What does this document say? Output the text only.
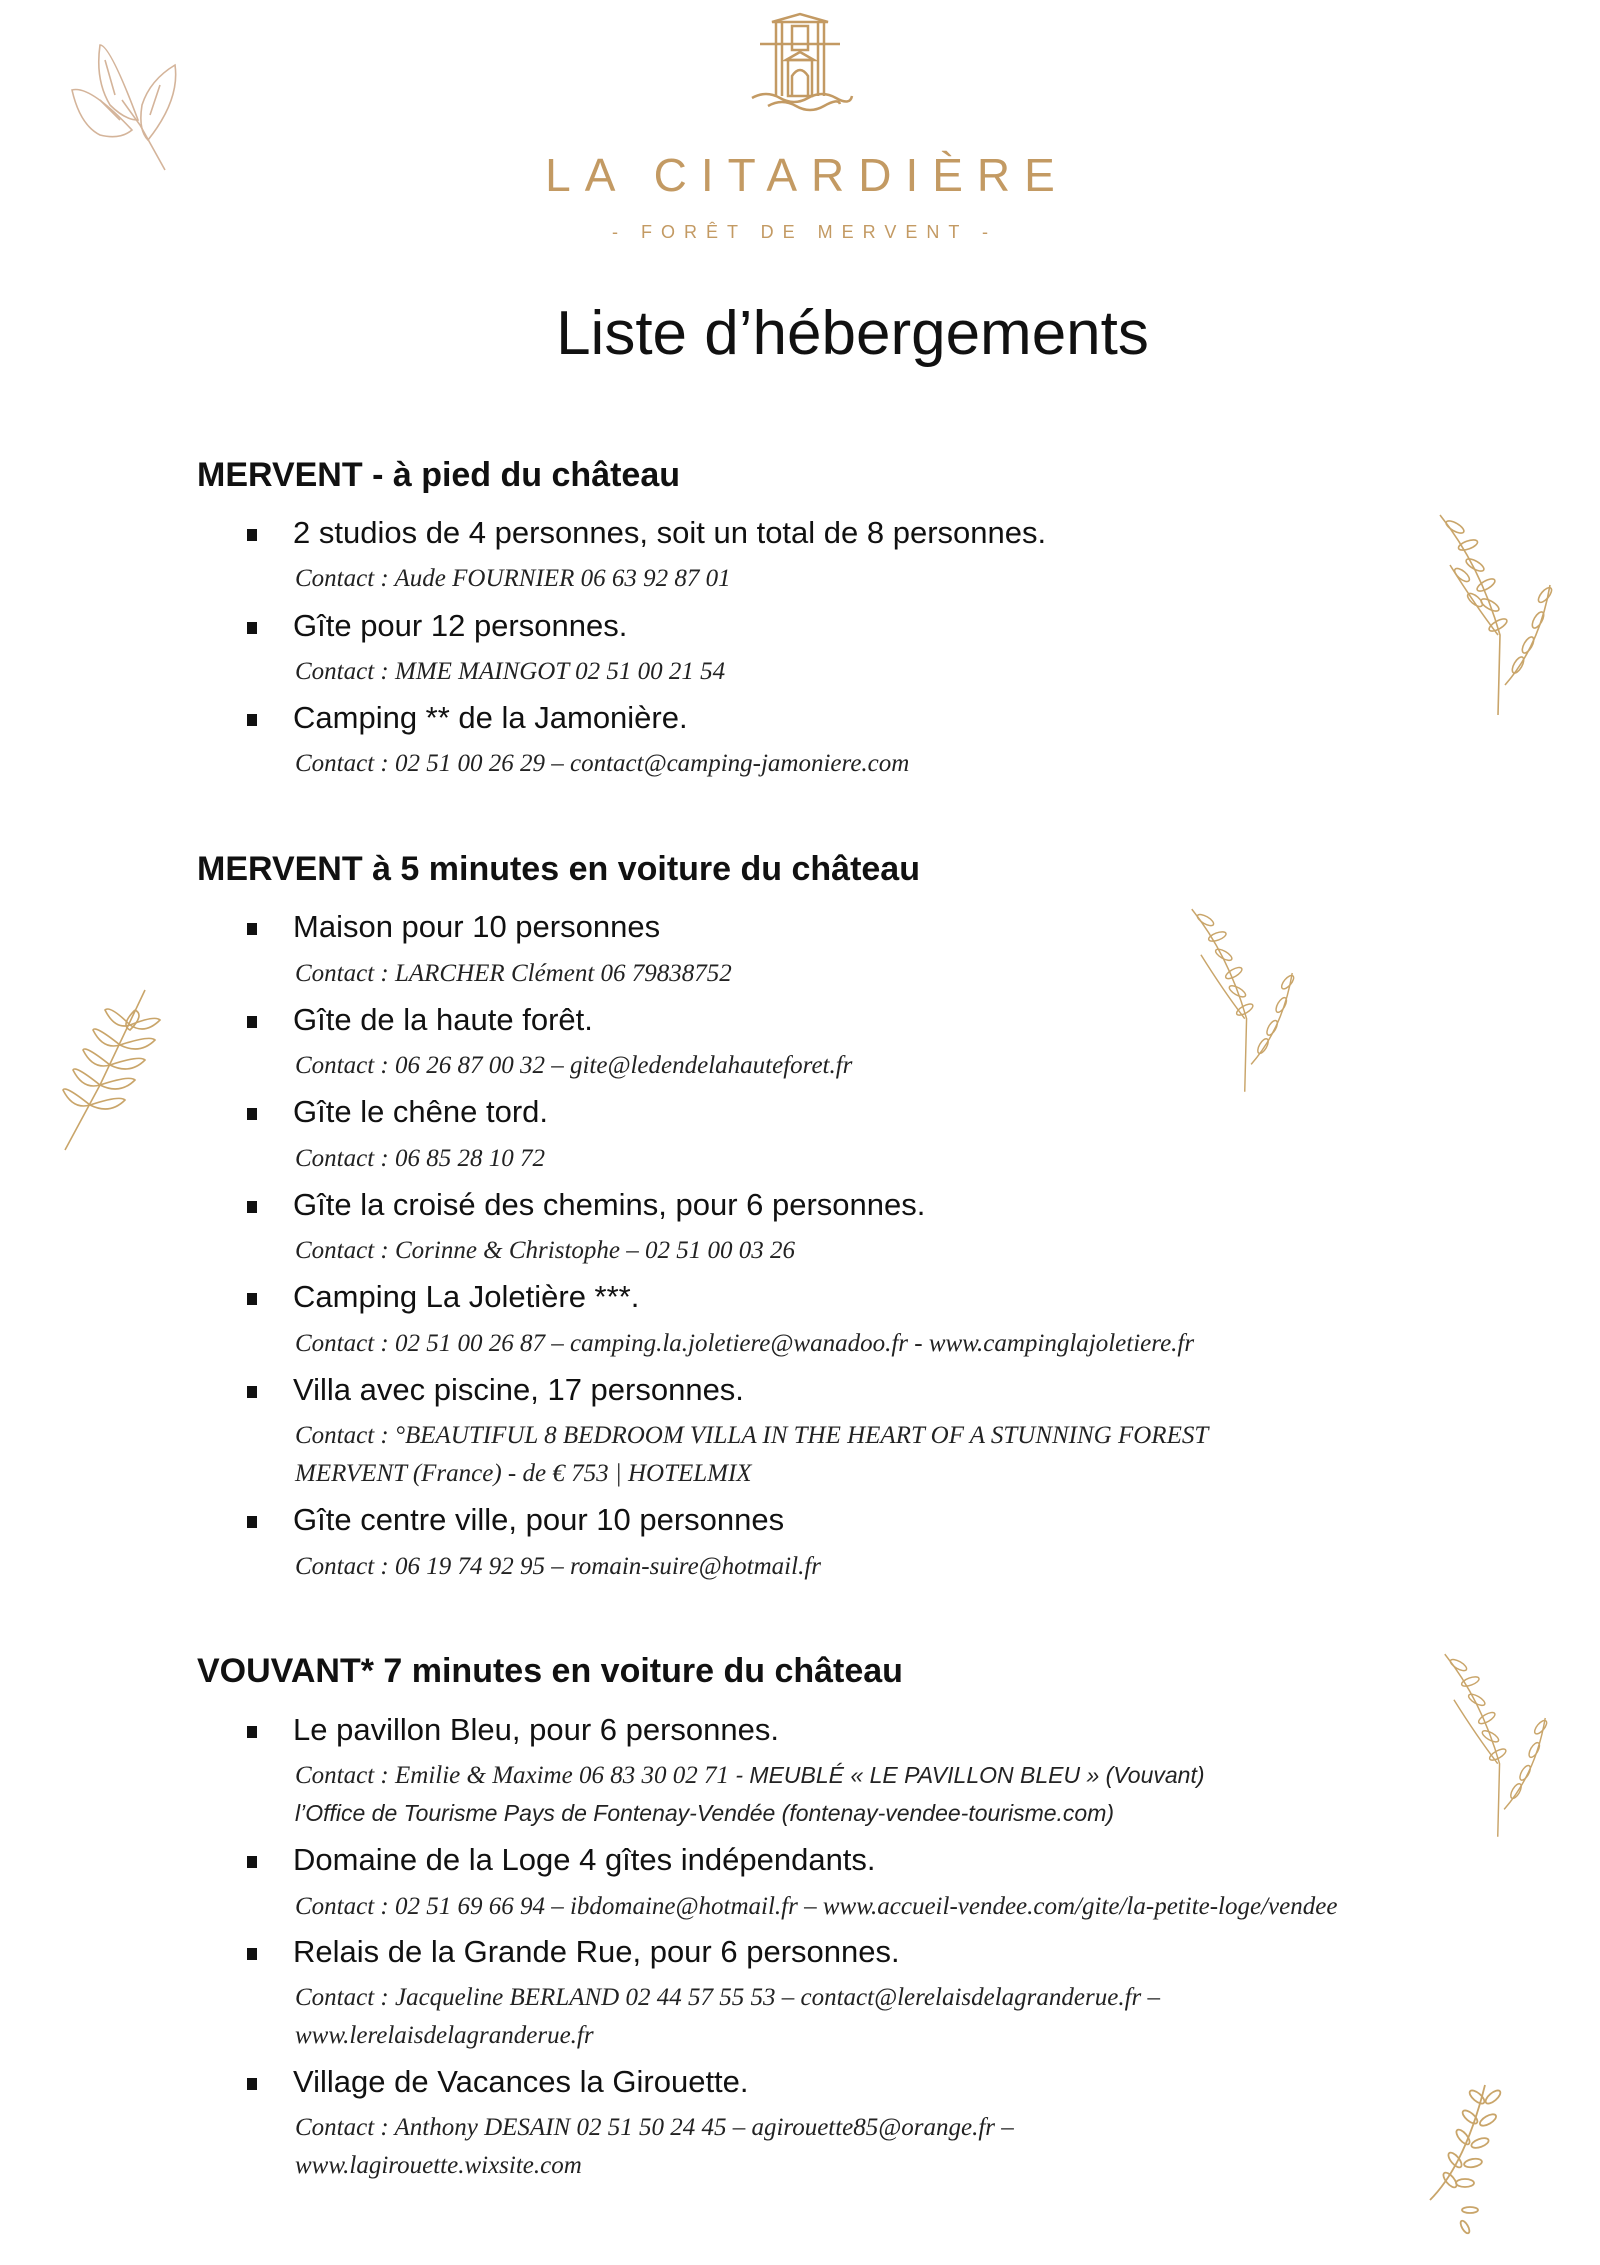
LA CITARDIÈRE
- FORÊT DE MERVENT -
Liste d’hébergements
MERVENT - à pied du château
2 studios de 4 personnes, soit un total de 8 personnes.
Contact : Aude FOURNIER 06 63 92 87 01
Gîte pour 12 personnes.
Contact : MME MAINGOT 02 51 00 21 54
Camping ** de la Jamonière.
Contact : 02 51 00 26 29 – contact@camping-jamoniere.com
MERVENT à 5 minutes en voiture du château
Maison pour 10 personnes
Contact : LARCHER Clément 06 79838752
Gîte de la haute forêt.
Contact : 06 26 87 00 32 – gite@ledendelahauteforet.fr
Gîte le chêne tord.
Contact : 06 85 28 10 72
Gîte la croisé des chemins, pour 6 personnes.
Contact : Corinne & Christophe – 02 51 00 03 26
Camping La Joletière ***.
Contact : 02 51 00 26 87 – camping.la.joletiere@wanadoo.fr - www.campinglajoletiere.fr
Villa avec piscine, 17 personnes.
Contact : °BEAUTIFUL 8 BEDROOM VILLA IN THE HEART OF A STUNNING FOREST
MERVENT (France) - de € 753 | HOTELMIX
Gîte centre ville, pour 10 personnes
Contact : 06 19 74 92 95 – romain-suire@hotmail.fr
VOUVANT* 7 minutes en voiture du château
Le pavillon Bleu, pour 6 personnes.
Contact : Emilie & Maxime 06 83 30 02 71 - MEUBLÉ « LE PAVILLON BLEU » (Vouvant)
l’Office de Tourisme Pays de Fontenay-Vendée (fontenay-vendee-tourisme.com)
Domaine de la Loge 4 gîtes indépendants.
Contact : 02 51 69 66 94 – ibdomaine@hotmail.fr – www.accueil-vendee.com/gite/la-petite-loge/vendee
Relais de la Grande Rue, pour 6 personnes.
Contact : Jacqueline BERLAND 02 44 57 55 53 – contact@lerelaisdelagranderue.fr –
www.lerelaisdelagranderue.fr
Village de Vacances la Girouette.
Contact : Anthony DESAIN 02 51 50 24 45 – agirouette85@orange.fr –
www.lagirouette.wixsite.com
